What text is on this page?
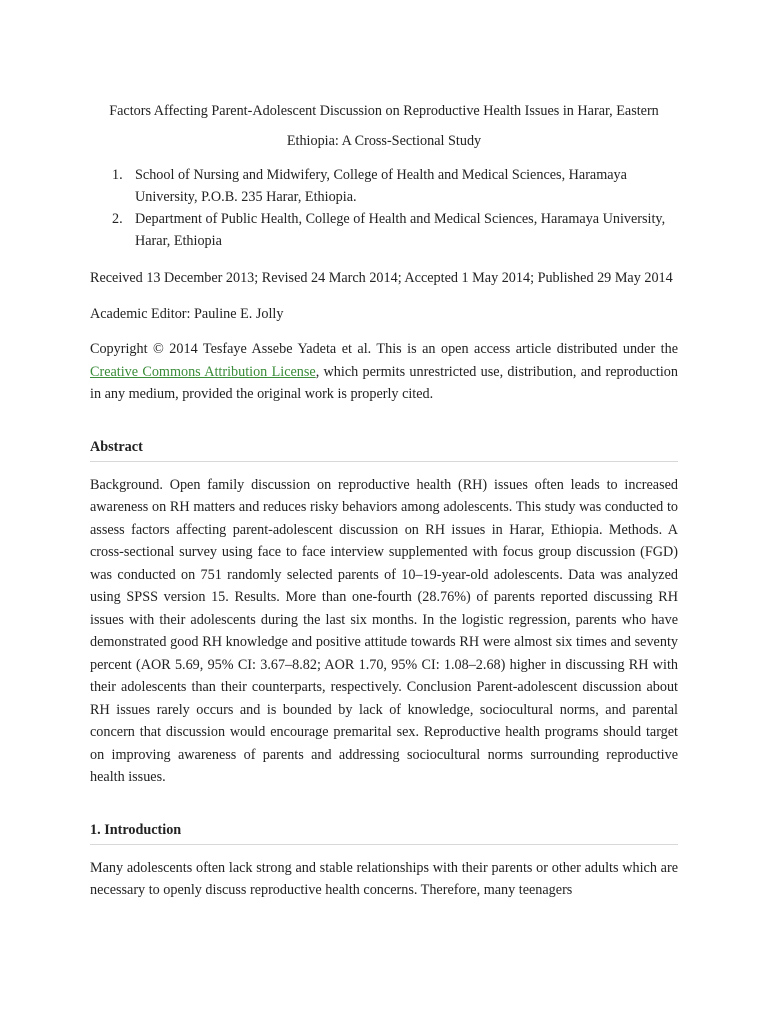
Factors Affecting Parent-Adolescent Discussion on Reproductive Health Issues in Harar, Eastern Ethiopia: A Cross-Sectional Study
1. School of Nursing and Midwifery, College of Health and Medical Sciences, Haramaya University, P.O.B. 235 Harar, Ethiopia.
2. Department of Public Health, College of Health and Medical Sciences, Haramaya University, Harar, Ethiopia

Received 13 December 2013; Revised 24 March 2014; Accepted 1 May 2014; Published 29 May 2014

Academic Editor: Pauline E. Jolly

Copyright © 2014 Tesfaye Assebe Yadeta et al. This is an open access article distributed under the Creative Commons Attribution License, which permits unrestricted use, distribution, and reproduction in any medium, provided the original work is properly cited.

Abstract

Background. Open family discussion on reproductive health (RH) issues often leads to increased awareness on RH matters and reduces risky behaviors among adolescents. This study was conducted to assess factors affecting parent-adolescent discussion on RH issues in Harar, Ethiopia. Methods. A cross-sectional survey using face to face interview supplemented with focus group discussion (FGD) was conducted on 751 randomly selected parents of 10–19-year-old adolescents. Data was analyzed using SPSS version 15. Results. More than one-fourth (28.76%) of parents reported discussing RH issues with their adolescents during the last six months. In the logistic regression, parents who have demonstrated good RH knowledge and positive attitude towards RH were almost six times and seventy percent (AOR 5.69, 95% CI: 3.67–8.82; AOR 1.70, 95% CI: 1.08–2.68) higher in discussing RH with their adolescents than their counterparts, respectively. Conclusion Parent-adolescent discussion about RH issues rarely occurs and is bounded by lack of knowledge, sociocultural norms, and parental concern that discussion would encourage premarital sex. Reproductive health programs should target on improving awareness of parents and addressing sociocultural norms surrounding reproductive health issues.

1. Introduction

Many adolescents often lack strong and stable relationships with their parents or other adults which are necessary to openly discuss reproductive health concerns. Therefore, many teenagers
